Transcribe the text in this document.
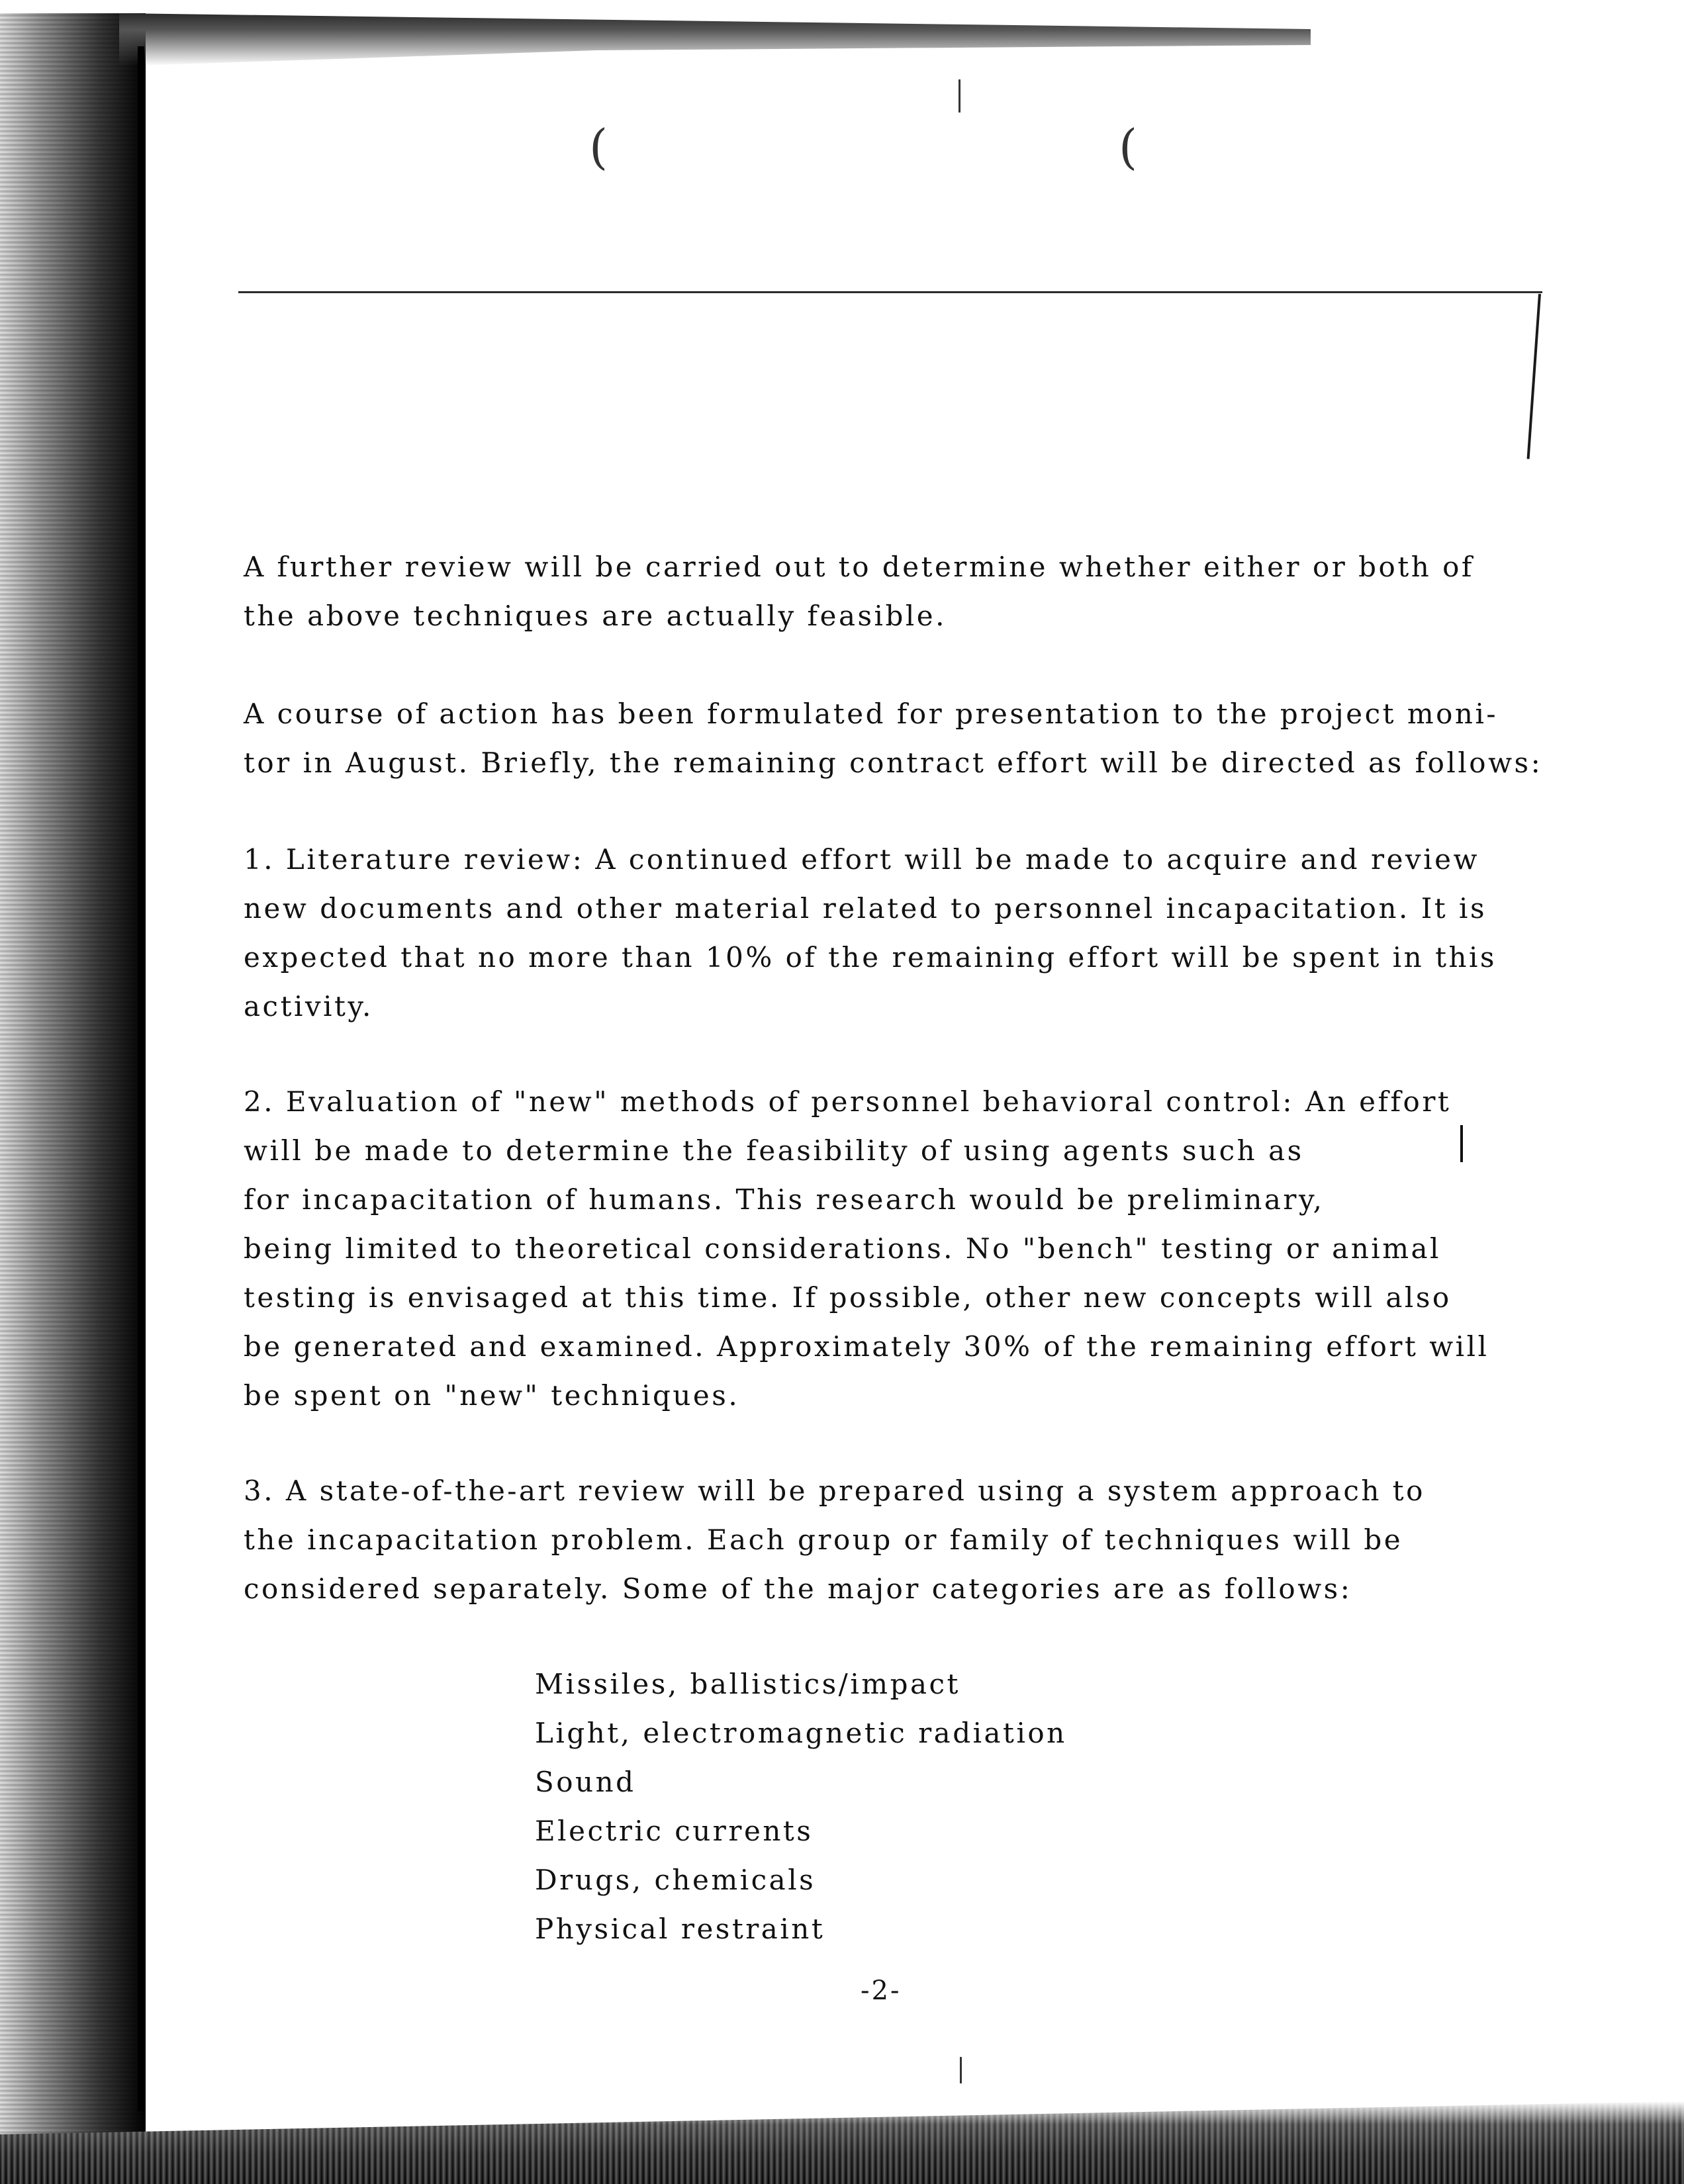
(	(
A further review will be carried out to determine whether either or both of
the above techniques are actually feasible.
A course of action has been formulated for presentation to the project moni-
tor in August. Briefly, the remaining contract effort will be directed as follows:
1. Literature review: A continued effort will be made to acquire and review
new documents and other material related to personnel incapacitation. It is
expected that no more than 10% of the remaining effort will be spent in this
activity.
2. Evaluation of "new" methods of personnel behavioral control: An effort
will be made to determine the feasibility of using agents such as
for incapacitation of humans. This research would be preliminary,
being limited to theoretical considerations. No "bench" testing or animal
testing is envisaged at this time. If possible, other new concepts will also
be generated and examined. Approximately 30% of the remaining effort will
be spent on "new" techniques.
3. A state-of-the-art review will be prepared using a system approach to
the incapacitation problem. Each group or family of techniques will be
considered separately. Some of the major categories are as follows:
Missiles, ballistics/impact
Light, electromagnetic radiation
Sound
Electric currents
Drugs, chemicals
Physical restraint
-2-
